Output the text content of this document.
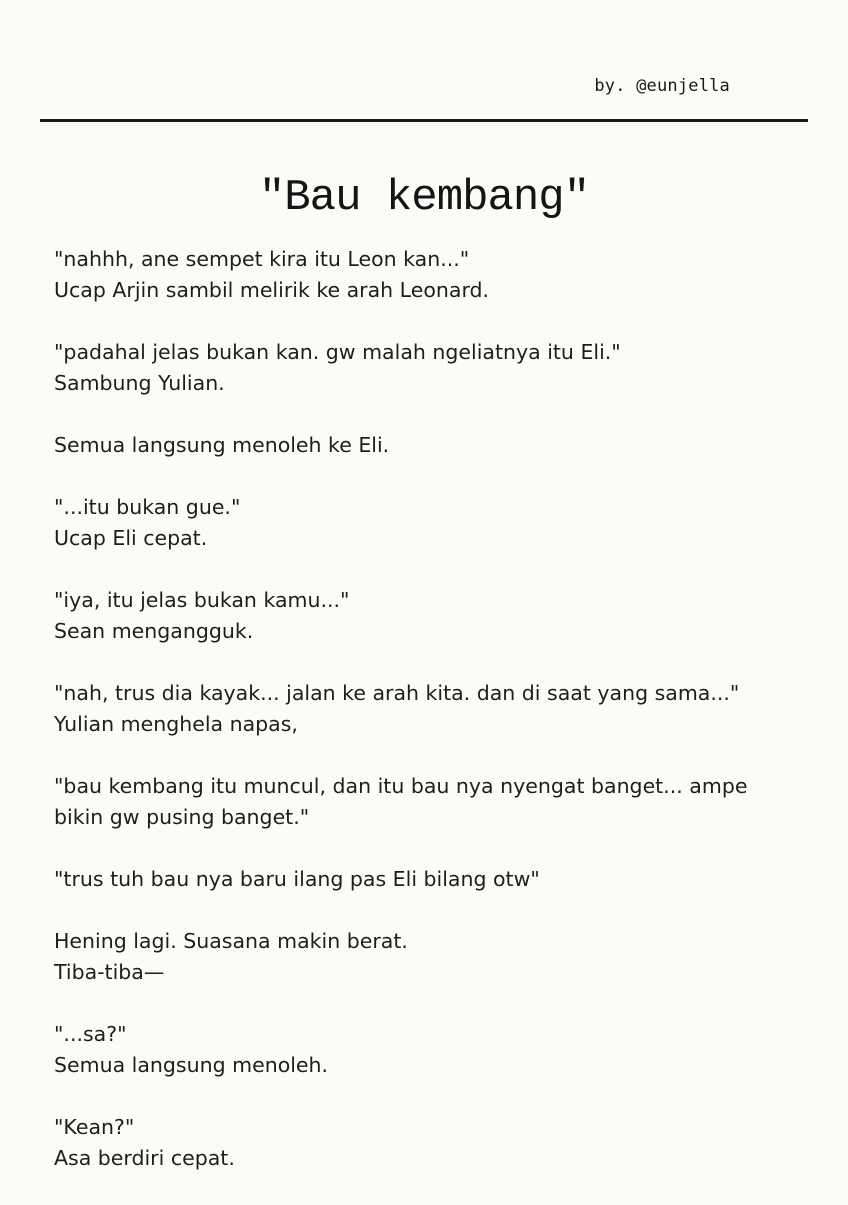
by. @eunjella
"Bau kembang"

"nahhh, ane sempet kira itu Leon kan..."
Ucap Arjin sambil melirik ke arah Leonard.

"padahal jelas bukan kan. gw malah ngeliatnya itu Eli."
Sambung Yulian.

Semua langsung menoleh ke Eli.

"...itu bukan gue."
Ucap Eli cepat.

"iya, itu jelas bukan kamu..."
Sean mengangguk.

"nah, trus dia kayak... jalan ke arah kita. dan di saat yang sama..."
Yulian menghela napas,

"bau kembang itu muncul, dan itu bau nya nyengat banget... ampe
bikin gw pusing banget."

"trus tuh bau nya baru ilang pas Eli bilang otw"

Hening lagi. Suasana makin berat.
Tiba-tiba—

"...sa?"
Semua langsung menoleh.

"Kean?"
Asa berdiri cepat.
